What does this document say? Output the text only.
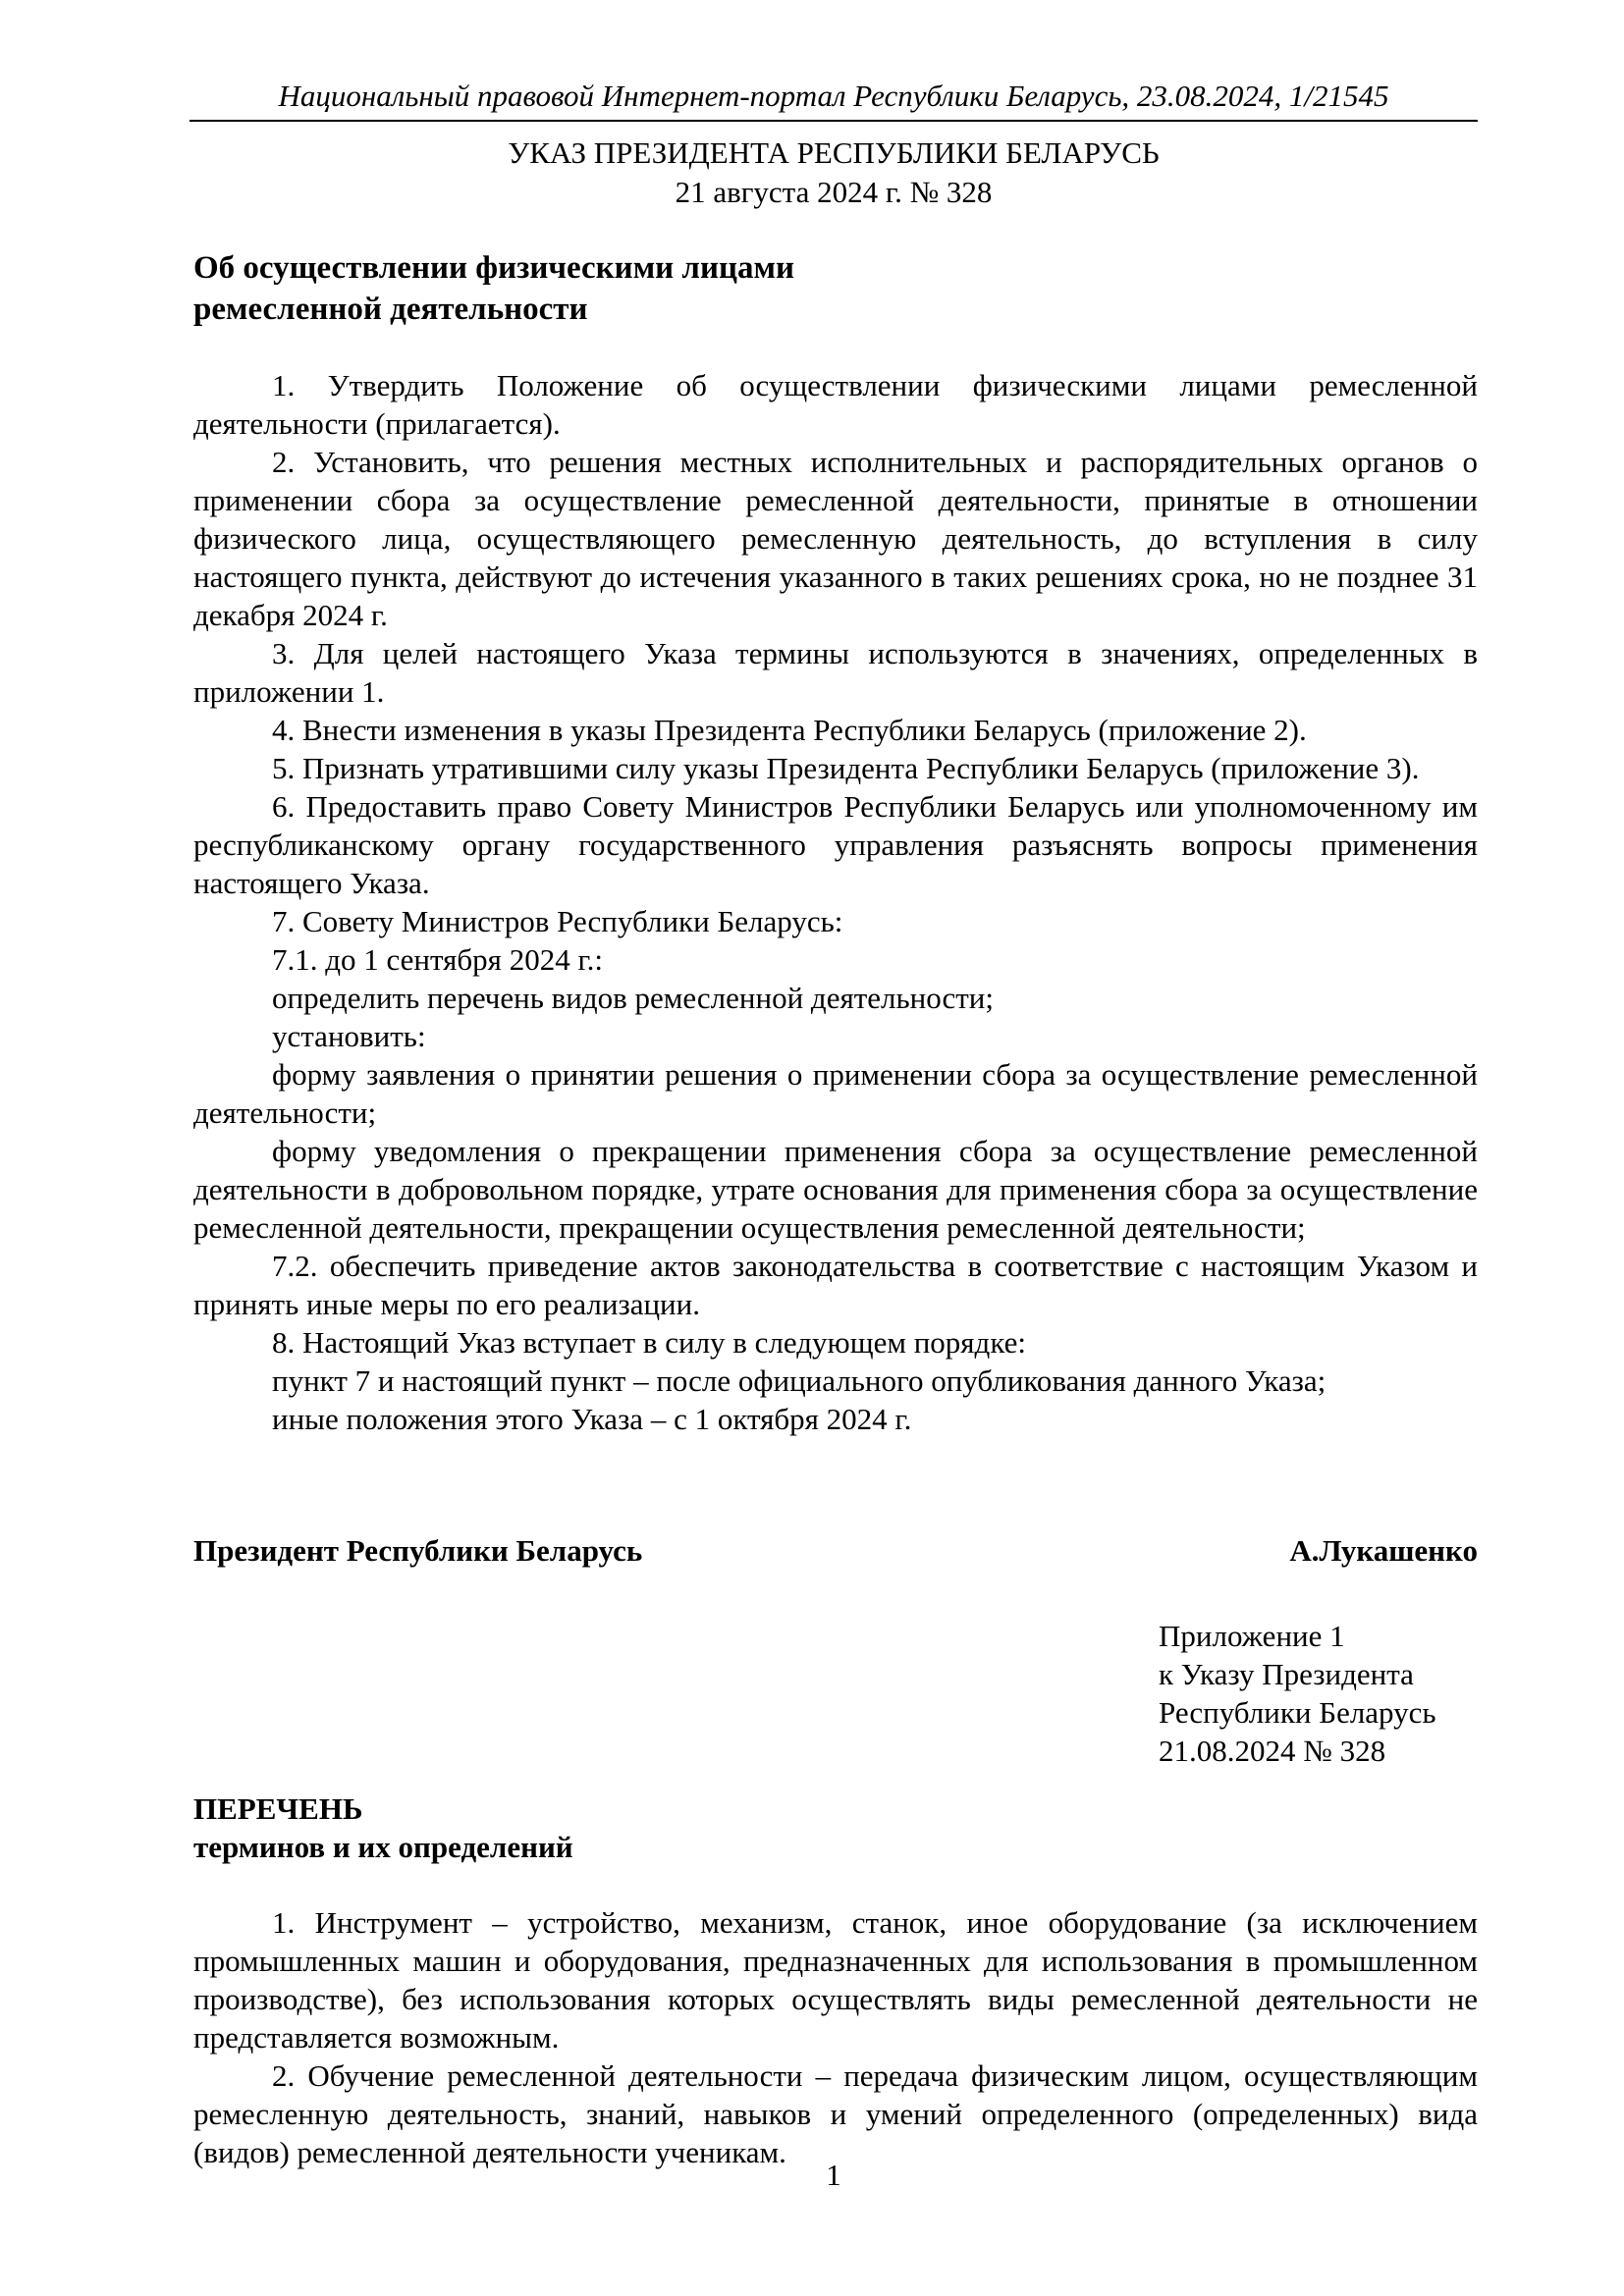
Национальный правовой Интернет-портал Республики Беларусь, 23.08.2024, 1/21545
УКАЗ ПРЕЗИДЕНТА РЕСПУБЛИКИ БЕЛАРУСЬ
21 августа 2024 г. № 328
Об осуществлении физическими лицами
ремесленной деятельности

1. Утвердить Положение об осуществлении физическими лицами ремесленной деятельности (прилагается).

2. Установить, что решения местных исполнительных и распорядительных органов о применении сбора за осуществление ремесленной деятельности, принятые в отношении физического лица, осуществляющего ремесленную деятельность, до вступления в силу настоящего пункта, действуют до истечения указанного в таких решениях срока, но не позднее 31 декабря 2024 г.

3. Для целей настоящего Указа термины используются в значениях, определенных в приложении 1.

4. Внести изменения в указы Президента Республики Беларусь (приложение 2).

5. Признать утратившими силу указы Президента Республики Беларусь (приложение 3).

6. Предоставить право Совету Министров Республики Беларусь или уполномоченному им республиканскому органу государственного управления разъяснять вопросы применения настоящего Указа.

7. Совету Министров Республики Беларусь:

7.1. до 1 сентября 2024 г.:

определить перечень видов ремесленной деятельности;

установить:

форму заявления о принятии решения о применении сбора за осуществление ремесленной деятельности;

форму уведомления о прекращении применения сбора за осуществление ремесленной деятельности в добровольном порядке, утрате основания для применения сбора за осуществление ремесленной деятельности, прекращении осуществления ремесленной деятельности;

7.2. обеспечить приведение актов законодательства в соответствие с настоящим Указом и принять иные меры по его реализации.

8. Настоящий Указ вступает в силу в следующем порядке:

пункт 7 и настоящий пункт – после официального опубликования данного Указа;

иные положения этого Указа – с 1 октября 2024 г.

Президент Республики Беларусь	А.Лукашенко
Приложение 1
к Указу Президента
Республики Беларусь
21.08.2024 № 328
ПЕРЕЧЕНЬ
терминов и их определений

1. Инструмент – устройство, механизм, станок, иное оборудование (за исключением промышленных машин и оборудования, предназначенных для использования в промышленном производстве), без использования которых осуществлять виды ремесленной деятельности не представляется возможным.

2. Обучение ремесленной деятельности – передача физическим лицом, осуществляющим ремесленную деятельность, знаний, навыков и умений определенного (определенных) вида (видов) ремесленной деятельности ученикам.

1
